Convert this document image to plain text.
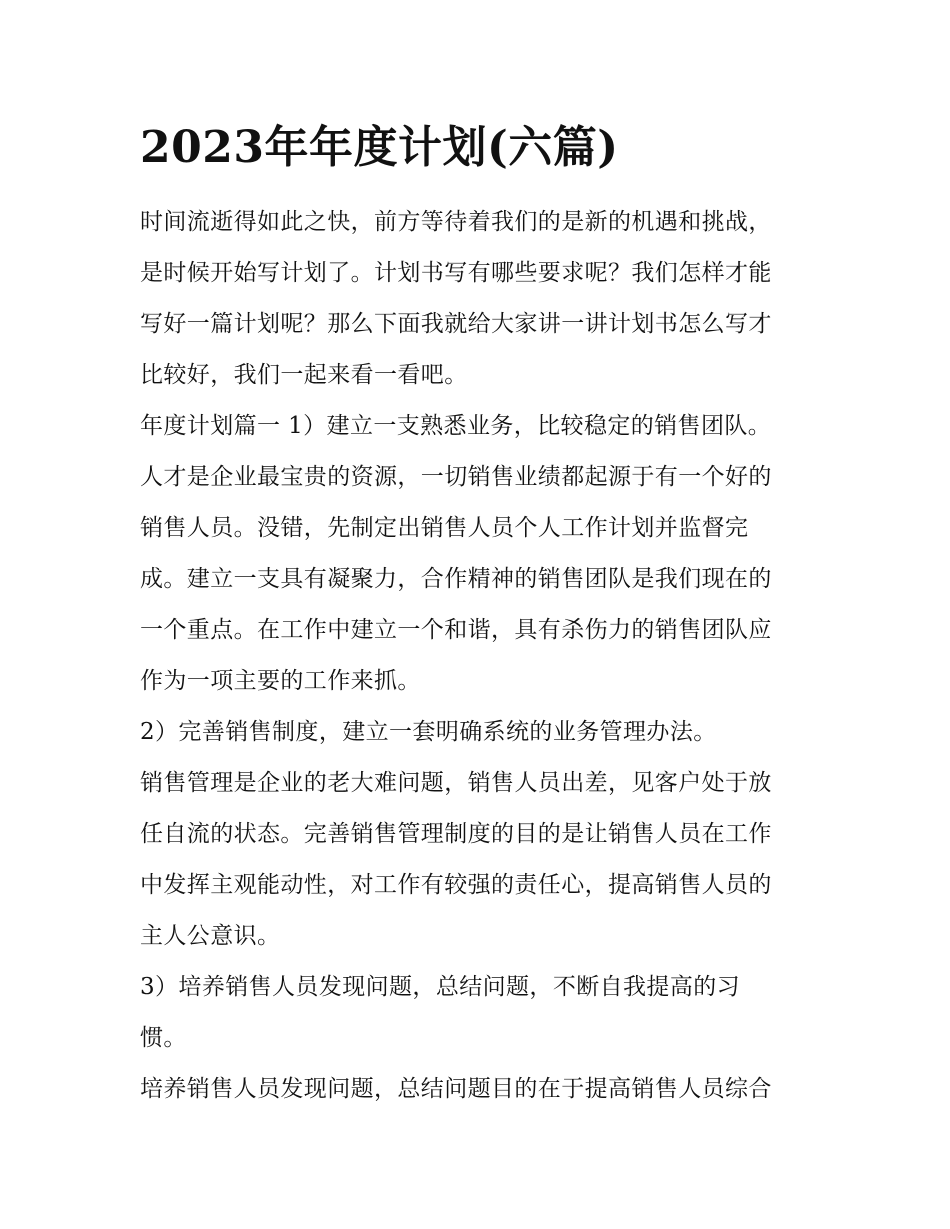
2023年年度计划(六篇)
时间流逝得如此之快，前方等待着我们的是新的机遇和挑战，
是时候开始写计划了。计划书写有哪些要求呢？我们怎样才能
写好一篇计划呢？那么下面我就给大家讲一讲计划书怎么写才
比较好，我们一起来看一看吧。
年度计划篇一 1）建立一支熟悉业务，比较稳定的销售团队。
人才是企业最宝贵的资源，一切销售业绩都起源于有一个好的
销售人员。没错，先制定出销售人员个人工作计划并监督完
成。建立一支具有凝聚力，合作精神的销售团队是我们现在的
一个重点。在工作中建立一个和谐，具有杀伤力的销售团队应
作为一项主要的工作来抓。
2）完善销售制度，建立一套明确系统的业务管理办法。
销售管理是企业的老大难问题，销售人员出差，见客户处于放
任自流的状态。完善销售管理制度的目的是让销售人员在工作
中发挥主观能动性，对工作有较强的责任心，提高销售人员的
主人公意识。
3）培养销售人员发现问题，总结问题，不断自我提高的习
惯。
培养销售人员发现问题，总结问题目的在于提高销售人员综合
